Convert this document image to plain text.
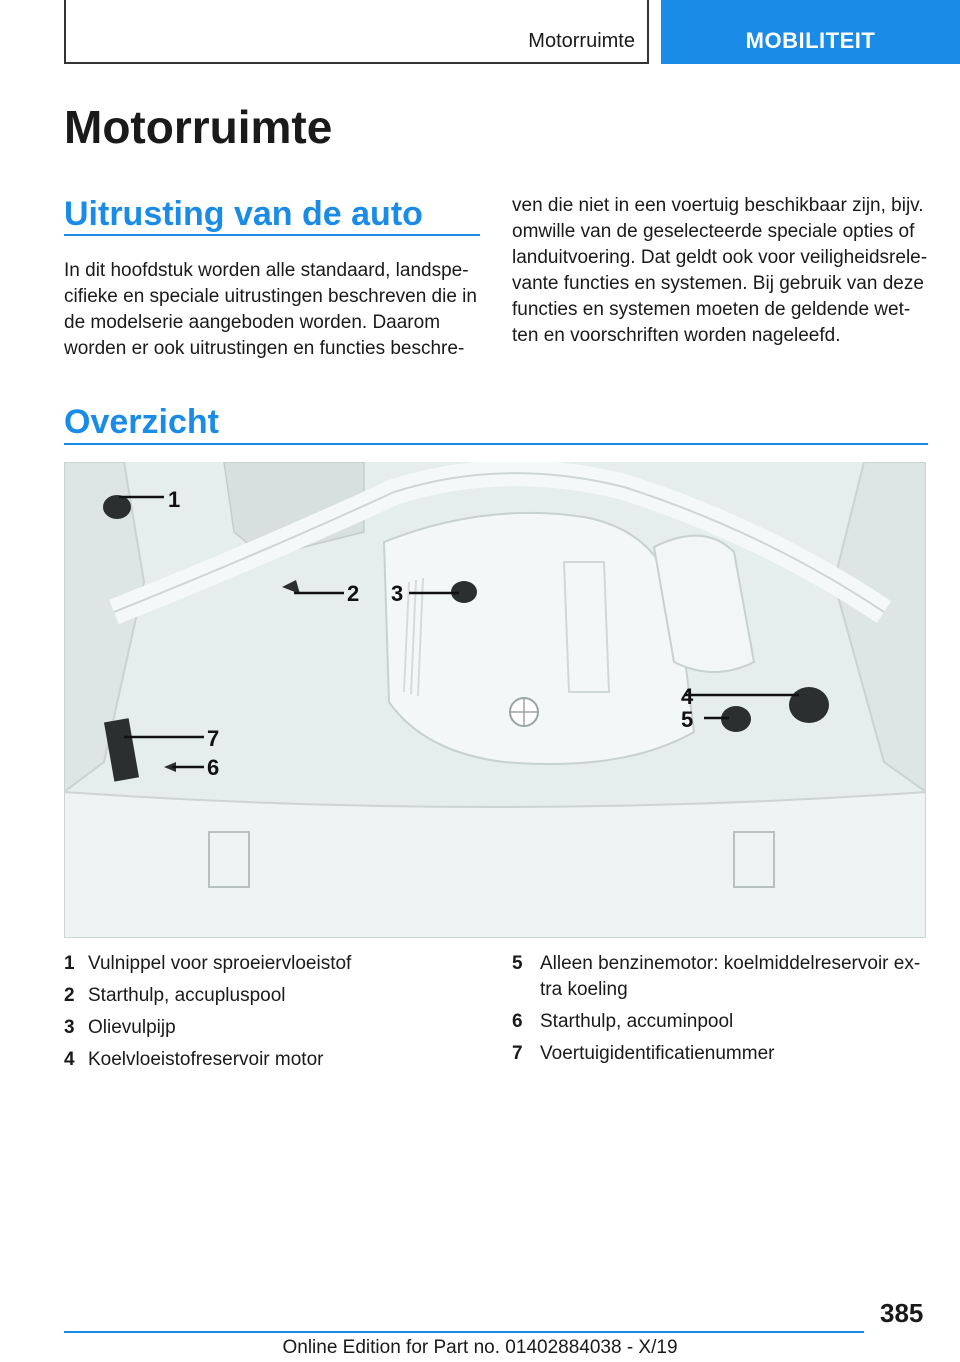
Motorruimte	MOBILITEIT
Motorruimte
Uitrusting van de auto
In dit hoofdstuk worden alle standaard, landspe-
cifieke en speciale uitrustingen beschreven die in
de modelserie aangeboden worden. Daarom
worden er ook uitrustingen en functies beschre-
ven die niet in een voertuig beschikbaar zijn, bijv.
omwille van de geselecteerde speciale opties of
landuitvoering. Dat geldt ook voor veiligheidsrele-
vante functies en systemen. Bij gebruik van deze
functies en systemen moeten de geldende wet-
ten en voorschriften worden nageleefd.
Overzicht
1
2 3
4
5
6
7
1 Vulnippel voor sproeiervloeistof
2 Starthulp, accupluspool
3 Olievulpijp
4 Koelvloeistofreservoir motor
5 Alleen benzinemotor: koelmiddelreservoir ex- tra koeling
6 Starthulp, accuminpool
7 Voertuigidentificatienummer
385
Online Edition for Part no. 01402884038 - X/19
